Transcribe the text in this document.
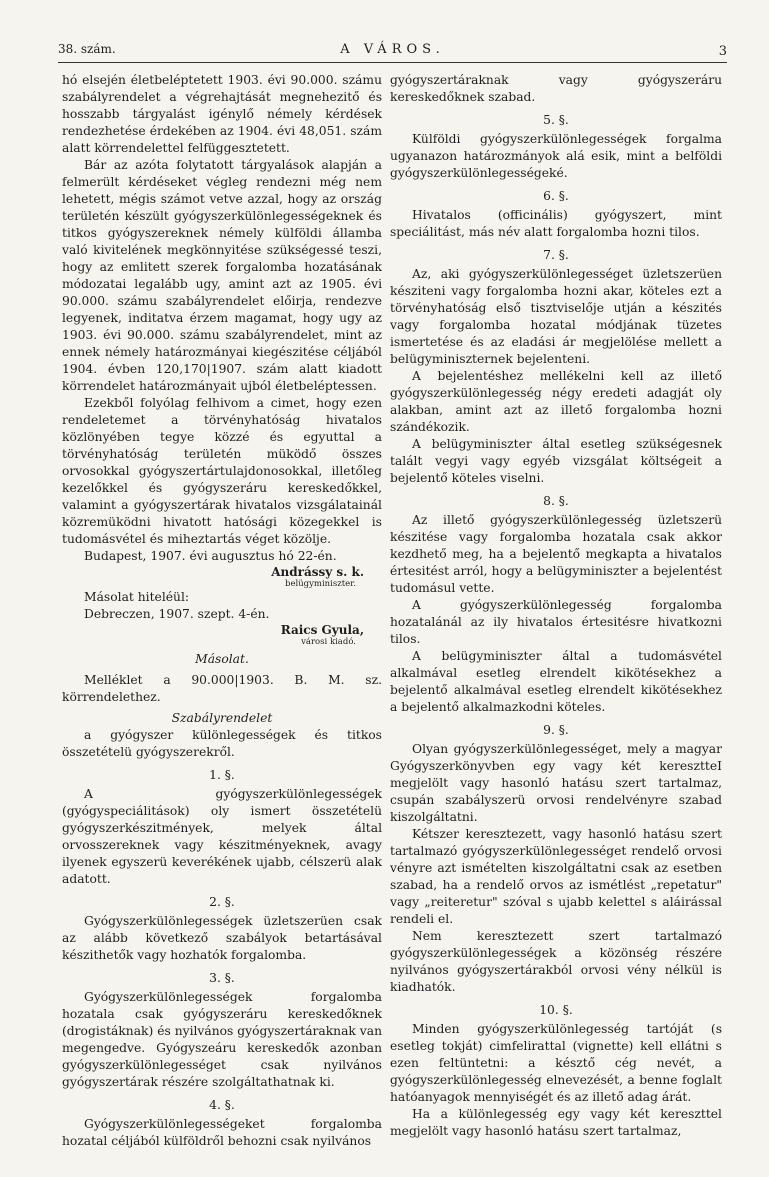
38. szám.	A VÁROS.	3

hó elsején életbeléptetett 1903. évi 90.000. számu szabályrendelet a végrehajtását megnehezitő és hosszabb tárgyalást igénylő némely kérdések rendezhetése érdekében az 1904. évi 48,051. szám alatt körrendelettel felfüggesztetett.

Bár az azóta folytatott tárgyalások alapján a felmerült kérdéseket végleg rendezni még nem lehetett, mégis számot vetve azzal, hogy az ország területén készült gyógyszerkülönlegességeknek és titkos gyógyszereknek némely külföldi államba való kivitelének megkönnyitése szükségessé teszi, hogy az emlitett szerek forgalomba hozatásának módozatai legalább ugy, amint azt az 1905. évi 90.000. számu szabályrendelet előirja, rendezve legyenek, inditatva érzem magamat, hogy ugy az 1903. évi 90.000. számu szabályrendelet, mint az ennek némely határozmányai kiegészitése céljából 1904. évben 120,170|1907. szám alatt kiadott körrendelet határozmányait ujból életbeléptessen.

Ezekből folyólag felhivom a cimet, hogy ezen rendeletemet a törvényhatóság hivatalos közlönyében tegye közzé és egyuttal a törvényhatóság területén müködő összes orvosokkal gyógyszertártulajdonosokkal, illetőleg kezelőkkel és gyógyszeráru kereskedőkkel, valamint a gyógyszertárak hivatalos vizsgálatainál közremüködni hivatott hatósági közegekkel is tudomásvétel és miheztartás véget közölje.

Budapest, 1907. évi augusztus hó 22-én.

Andrássy s. k.
belügyminiszter.

Másolat hiteléül:

Debreczen, 1907. szept. 4-én.

Raics Gyula,
városi kiadó.
Másolat.

Melléklet a 90.000|1903. B. M. sz. körrendelethez.

Szabályrendelet

a gyógyszer különlegességek és titkos összetételü gyógyszerekről.

1. §.

A gyógyszerkülönlegességek (gyógyspeciálitások) oly ismert összetételü gyógyszerkészitmények, melyek által orvosszereknek vagy készitményeknek, avagy ilyenek egyszerü keverékének ujabb, célszerü alak adatott.

2. §.

Gyógyszerkülönlegességek üzletszerüen csak az alább következő szabályok betartásával készithetők vagy hozhatók forgalomba.

3. §.

Gyógyszerkülönlegességek forgalomba hozatala csak gyógyszeráru kereskedőknek (drogistáknak) és nyilvános gyógyszertáraknak van megengedve. Gyógyszeáru kereskedők azonban gyógyszerkülönlegességet csak nyilvános gyógyszertárak részére szolgáltathatnak ki.

4. §.

Gyógyszerkülönlegességeket forgalomba hozatal céljából külföldről behozni csak nyilvános

gyógyszertáraknak vagy gyógyszeráru kereskedőknek szabad.

5. §.

Külföldi gyógyszerkülönlegességek forgalma ugyanazon határozmányok alá esik, mint a belföldi gyógyszerkülönlegességeké.

6. §.

Hivatalos (officinális) gyógyszert, mint speciálitást, más név alatt forgalomba hozni tilos.

7. §.

Az, aki gyógyszerkülönlegességet üzletszerüen késziteni vagy forgalomba hozni akar, köteles ezt a törvényhatóság első tisztviselője utján a készités vagy forgalomba hozatal módjának tüzetes ismertetése és az eladási ár megjelölése mellett a belügyminiszternek bejelenteni.

A bejelentéshez mellékelni kell az illető gyógyszerkülönlegesség négy eredeti adagját oly alakban, amint azt az illető forgalomba hozni szándékozik.

A belügyminiszter által esetleg szükségesnek talált vegyi vagy egyéb vizsgálat költségeit a bejelentő köteles viselni.

8. §.

Az illető gyógyszerkülönlegesség üzletszerü készitése vagy forgalomba hozatala csak akkor kezdhető meg, ha a bejelentő megkapta a hivatalos értesitést arról, hogy a belügyminiszter a bejelentést tudomásul vette.

A gyógyszerkülönlegesség forgalomba hozatalánál az ily hivatalos értesitésre hivatkozni tilos.

A belügyminiszter által a tudomásvétel alkalmával esetleg elrendelt kikötésekhez a bejelentő alkalmával esetleg elrendelt kikötésekhez a bejelentő alkalmazkodni köteles.

9. §.

Olyan gyógyszerkülönlegességet, mely a magyar Gyógyszerkönyvben egy vagy két keresztteI megjelölt vagy hasonló hatásu szert tartalmaz, csupán szabályszerü orvosi rendelvényre szabad kiszolgáltatni.

Kétszer keresztezett, vagy hasonló hatásu szert tartalmazó gyógyszerkülönlegességet rendelő orvosi vényre azt ismételten kiszolgáltatni csak az esetben szabad, ha a rendelő orvos az ismétlést „repetatur" vagy „reiteretur" szóval s ujabb kelettel s aláirással rendeli el.

Nem keresztezett szert tartalmazó gyógyszerkülönlegességek a közönség részére nyilvános gyógyszertárakból orvosi vény nélkül is kiadhatók.

10. §.

Minden gyógyszerkülönlegesség tartóját (s esetleg tokját) cimfelirattal (vignette) kell ellátni s ezen feltüntetni: a késztő cég nevét, a gyógyszerkülönlegesség elnevezését, a benne foglalt hatóanyagok mennyiségét és az illető adag árát.

Ha a különlegesség egy vagy két kereszttel megjelölt vagy hasonló hatásu szert tartalmaz,
